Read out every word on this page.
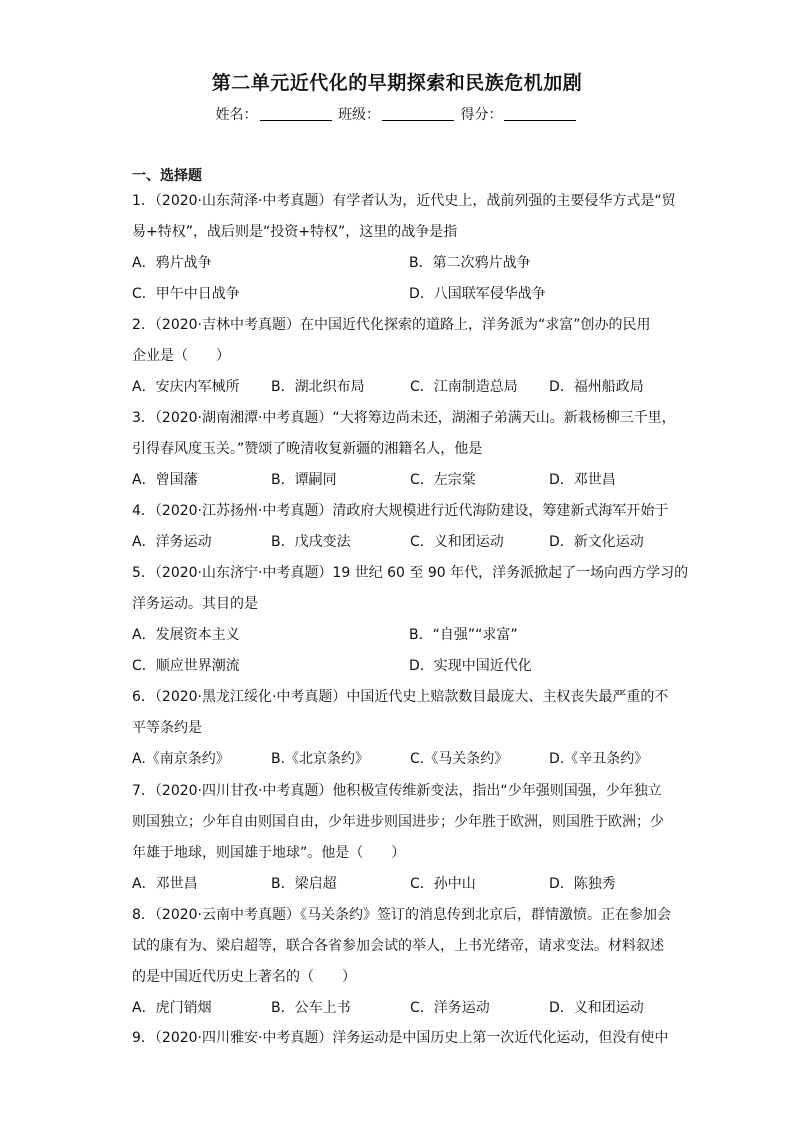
第二单元近代化的早期探索和民族危机加剧
姓名：	班级：	得分：
一、选择题
1．（2020·山东菏泽·中考真题）有学者认为，近代史上，战前列强的主要侵华方式是“贸
易+特权”，战后则是“投资+特权”，这里的战争是指
A．鸦片战争	B．第二次鸦片战争
C．甲午中日战争	D．八国联军侵华战争
2．（2020·吉林中考真题）在中国近代化探索的道路上，洋务派为“求富”创办的民用
企业是（　　）
A．安庆内军械所 B．湖北织布局	C．江南制造总局 D．福州船政局
3．（2020·湖南湘潭·中考真题）“大将筹边尚未还，湖湘子弟满天山。新栽杨柳三千里，
引得春风度玉关。”赞颂了晚清收复新疆的湘籍名人，他是
A．曾国藩	B．谭嗣同	C．左宗棠	D．邓世昌
4．（2020·江苏扬州·中考真题）清政府大规模进行近代海防建设，筹建新式海军开始于
A．洋务运动	B．戊戌变法	C．义和团运动	D．新文化运动
5．（2020·山东济宁·中考真题）19 世纪 60 至 90 年代，洋务派掀起了一场向西方学习的
洋务运动。其目的是
A．发展资本主义	B．“自强”“求富”
C．顺应世界潮流	D．实现中国近代化
6．（2020·黑龙江绥化·中考真题）中国近代史上赔款数目最庞大、主权丧失最严重的不
平等条约是
A.《南京条约》	B.《北京条约》	C.《马关条约》	D.《辛丑条约》
7．（2020·四川甘孜·中考真题）他积极宣传维新变法，指出“少年强则国强，少年独立
则国独立；少年自由则国自由，少年进步则国进步；少年胜于欧洲，则国胜于欧洲；少
年雄于地球，则国雄于地球”。他是（　　）
A．邓世昌	B．梁启超	C．孙中山	D．陈独秀
8．（2020·云南中考真题）《马关条约》签订的消息传到北京后，群情激愤。正在参加会
试的康有为、梁启超等，联合各省参加会试的举人，上书光绪帝，请求变法。材料叙述
的是中国近代历史上著名的（　　）
A．虎门销烟	B．公车上书	C．洋务运动	D．义和团运动
9．（2020·四川雅安·中考真题）洋务运动是中国历史上第一次近代化运动，但没有使中
